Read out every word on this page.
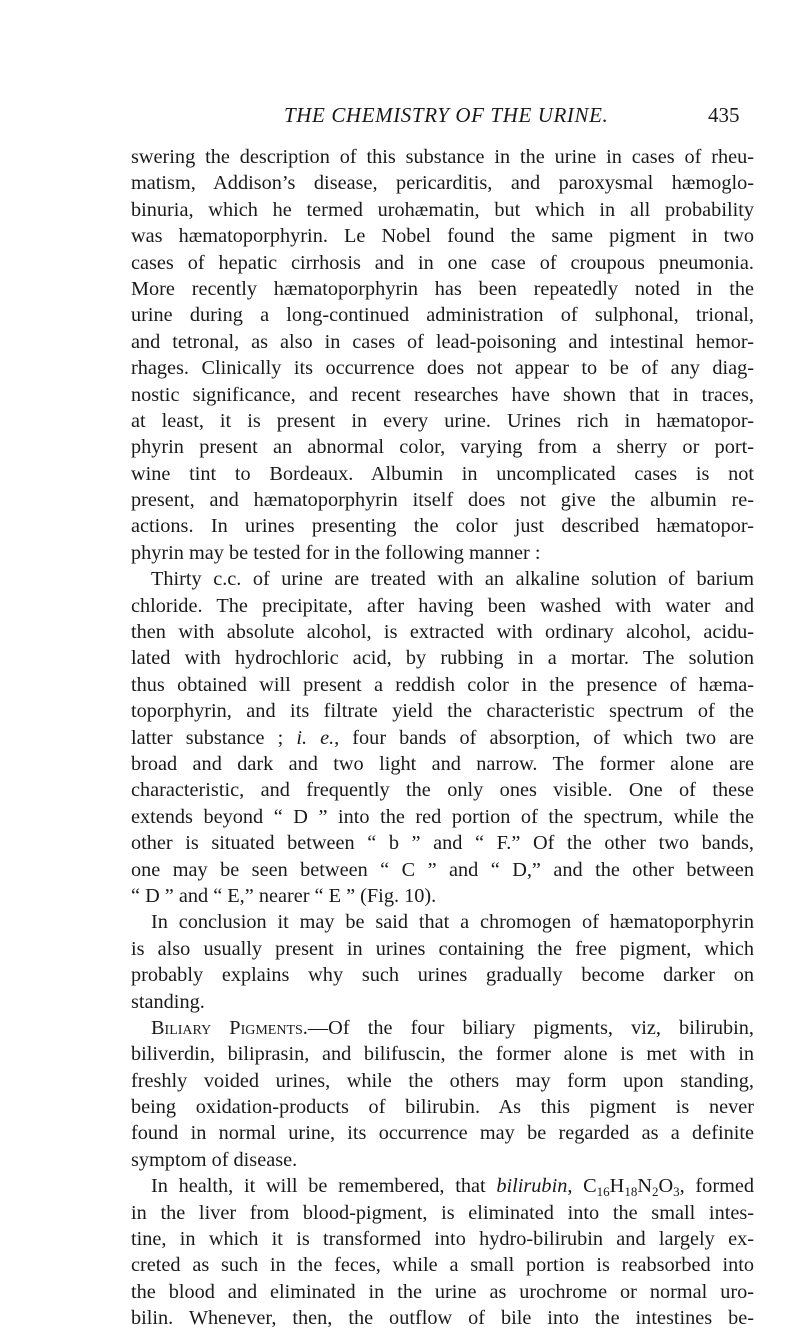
THE CHEMISTRY OF THE URINE.	435
swering the description of this substance in the urine in cases of rheu-
matism, Addison’s disease, pericarditis, and paroxysmal hæmoglo-
binuria, which he termed urohæmatin, but which in all probability
was hæmatoporphyrin. Le Nobel found the same pigment in two
cases of hepatic cirrhosis and in one case of croupous pneumonia.
More recently hæmatoporphyrin has been repeatedly noted in the
urine during a long-continued administration of sulphonal, trional,
and tetronal, as also in cases of lead-poisoning and intestinal hemor-
rhages. Clinically its occurrence does not appear to be of any diag-
nostic significance, and recent researches have shown that in traces,
at least, it is present in every urine. Urines rich in hæmatopor-
phyrin present an abnormal color, varying from a sherry or port-
wine tint to Bordeaux. Albumin in uncomplicated cases is not
present, and hæmatoporphyrin itself does not give the albumin re-
actions. In urines presenting the color just described hæmatopor-
phyrin may be tested for in the following manner :
Thirty c.c. of urine are treated with an alkaline solution of barium
chloride. The precipitate, after having been washed with water and
then with absolute alcohol, is extracted with ordinary alcohol, acidu-
lated with hydrochloric acid, by rubbing in a mortar. The solution
thus obtained will present a reddish color in the presence of hæma-
toporphyrin, and its filtrate yield the characteristic spectrum of the
latter substance ; i. e., four bands of absorption, of which two are
broad and dark and two light and narrow. The former alone are
characteristic, and frequently the only ones visible. One of these
extends beyond “ D ” into the red portion of the spectrum, while the
other is situated between “ b ” and “ F.” Of the other two bands,
one may be seen between “ C ” and “ D,” and the other between
“ D ” and “ E,” nearer “ E ” (Fig. 10).
In conclusion it may be said that a chromogen of hæmatoporphyrin
is also usually present in urines containing the free pigment, which
probably explains why such urines gradually become darker on
standing.
Biliary Pigments.—Of the four biliary pigments, viz, bilirubin,
biliverdin, biliprasin, and bilifuscin, the former alone is met with in
freshly voided urines, while the others may form upon standing,
being oxidation-products of bilirubin. As this pigment is never
found in normal urine, its occurrence may be regarded as a definite
symptom of disease.
In health, it will be remembered, that bilirubin, $C_{16}H_{18}N_2O_3$, formed
in the liver from blood-pigment, is eliminated into the small intes-
tine, in which it is transformed into hydro-bilirubin and largely ex-
creted as such in the feces, while a small portion is reabsorbed into
the blood and eliminated in the urine as urochrome or normal uro-
bilin. Whenever, then, the outflow of bile into the intestines be-
